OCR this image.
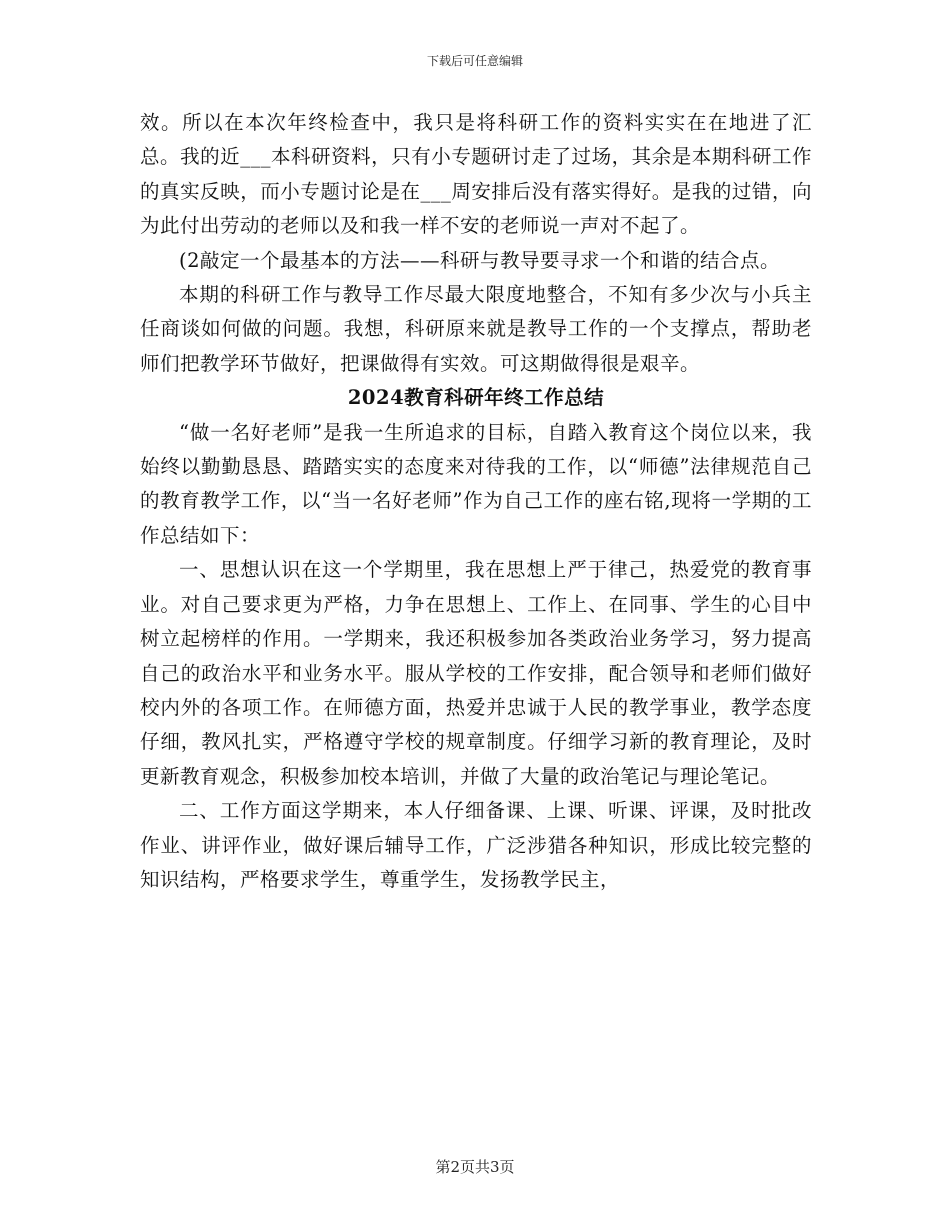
下载后可任意编辑

效。所以在本次年终检查中，我只是将科研工作的资料实实在在地进了汇总。我的近___本科研资料，只有小专题研讨走了过场，其余是本期科研工作的真实反映，而小专题讨论是在___周安排后没有落实得好。是我的过错，向为此付出劳动的老师以及和我一样不安的老师说一声对不起了。

(2敲定一个最基本的方法——科研与教导要寻求一个和谐的结合点。

本期的科研工作与教导工作尽最大限度地整合，不知有多少次与小兵主任商谈如何做的问题。我想，科研原来就是教导工作的一个支撑点，帮助老师们把教学环节做好，把课做得有实效。可这期做得很是艰辛。

2024教育科研年终工作总结

“做一名好老师”是我一生所追求的目标，自踏入教育这个岗位以来，我始终以勤勤恳恳、踏踏实实的态度来对待我的工作，以“师德”法律规范自己的教育教学工作，以“当一名好老师”作为自己工作的座右铭,现将一学期的工作总结如下：

一、思想认识在这一个学期里，我在思想上严于律己，热爱党的教育事业。对自己要求更为严格，力争在思想上、工作上、在同事、学生的心目中树立起榜样的作用。一学期来，我还积极参加各类政治业务学习，努力提高自己的政治水平和业务水平。服从学校的工作安排，配合领导和老师们做好校内外的各项工作。在师德方面，热爱并忠诚于人民的教学事业，教学态度仔细，教风扎实，严格遵守学校的规章制度。仔细学习新的教育理论，及时更新教育观念，积极参加校本培训，并做了大量的政治笔记与理论笔记。

二、工作方面这学期来，本人仔细备课、上课、听课、评课，及时批改作业、讲评作业，做好课后辅导工作，广泛涉猎各种知识，形成比较完整的知识结构，严格要求学生，尊重学生，发扬教学民主，

第2页共3页
